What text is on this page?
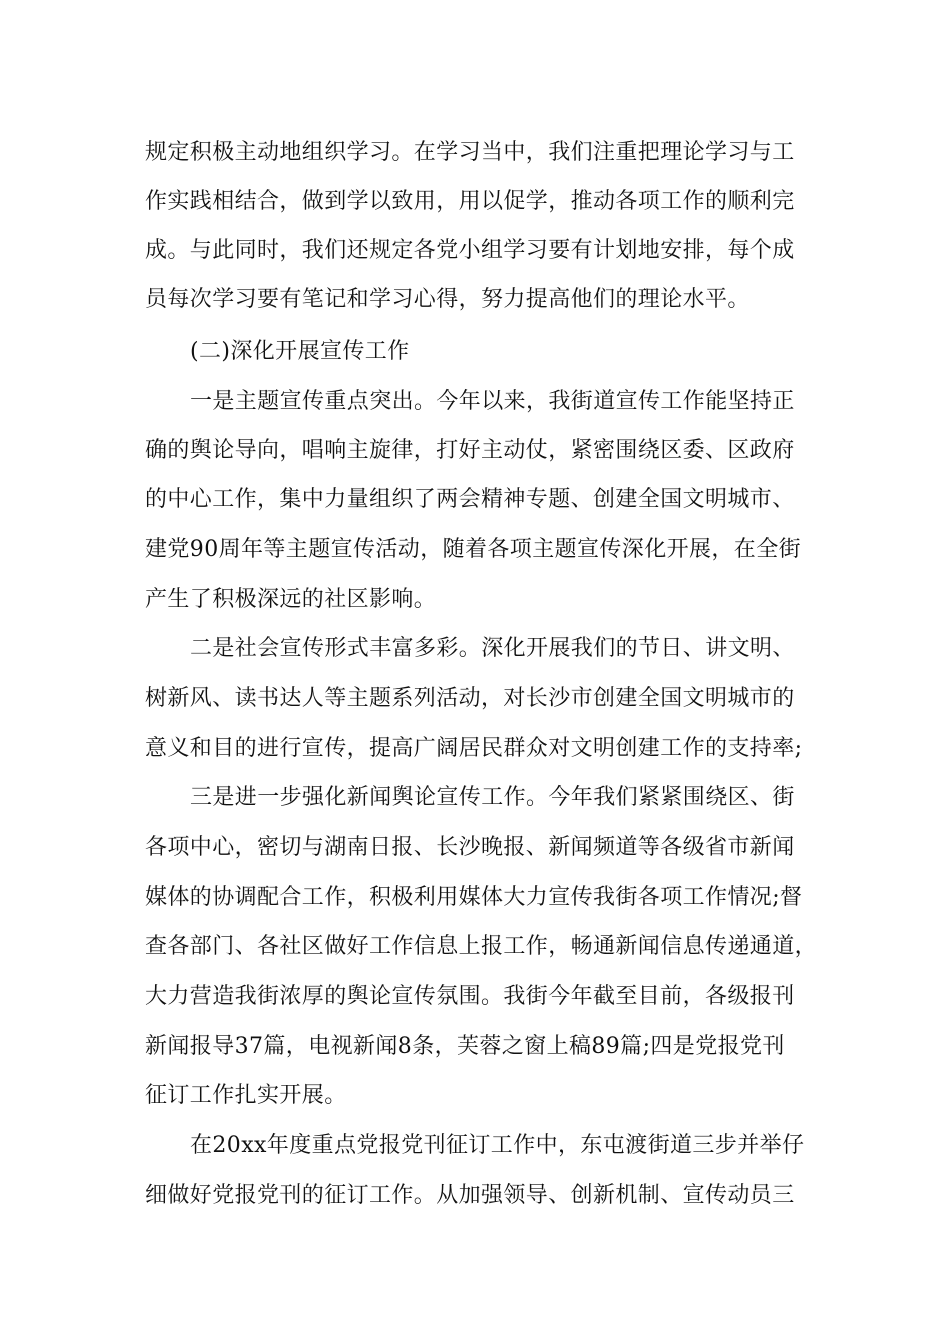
规定积极主动地组织学习。在学习当中，我们注重把理论学习与工
作实践相结合，做到学以致用，用以促学，推动各项工作的顺利完
成。与此同时，我们还规定各党小组学习要有计划地安排，每个成
员每次学习要有笔记和学习心得，努力提高他们的理论水平。
(二)深化开展宣传工作
一是主题宣传重点突出。今年以来，我街道宣传工作能坚持正
确的舆论导向，唱响主旋律，打好主动仗，紧密围绕区委、区政府
的中心工作，集中力量组织了两会精神专题、创建全国文明城市、
建党90周年等主题宣传活动，随着各项主题宣传深化开展，在全街
产生了积极深远的社区影响。
二是社会宣传形式丰富多彩。深化开展我们的节日、讲文明、
树新风、读书达人等主题系列活动，对长沙市创建全国文明城市的
意义和目的进行宣传，提高广阔居民群众对文明创建工作的支持率;
三是进一步强化新闻舆论宣传工作。今年我们紧紧围绕区、街
各项中心，密切与湖南日报、长沙晚报、新闻频道等各级省市新闻
媒体的协调配合工作，积极利用媒体大力宣传我街各项工作情况;督
查各部门、各社区做好工作信息上报工作，畅通新闻信息传递通道，
大力营造我街浓厚的舆论宣传氛围。我街今年截至目前，各级报刊
新闻报导37篇，电视新闻8条，芙蓉之窗上稿89篇;四是党报党刊
征订工作扎实开展。
在20xx年度重点党报党刊征订工作中，东屯渡街道三步并举仔
细做好党报党刊的征订工作。从加强领导、创新机制、宣传动员三
